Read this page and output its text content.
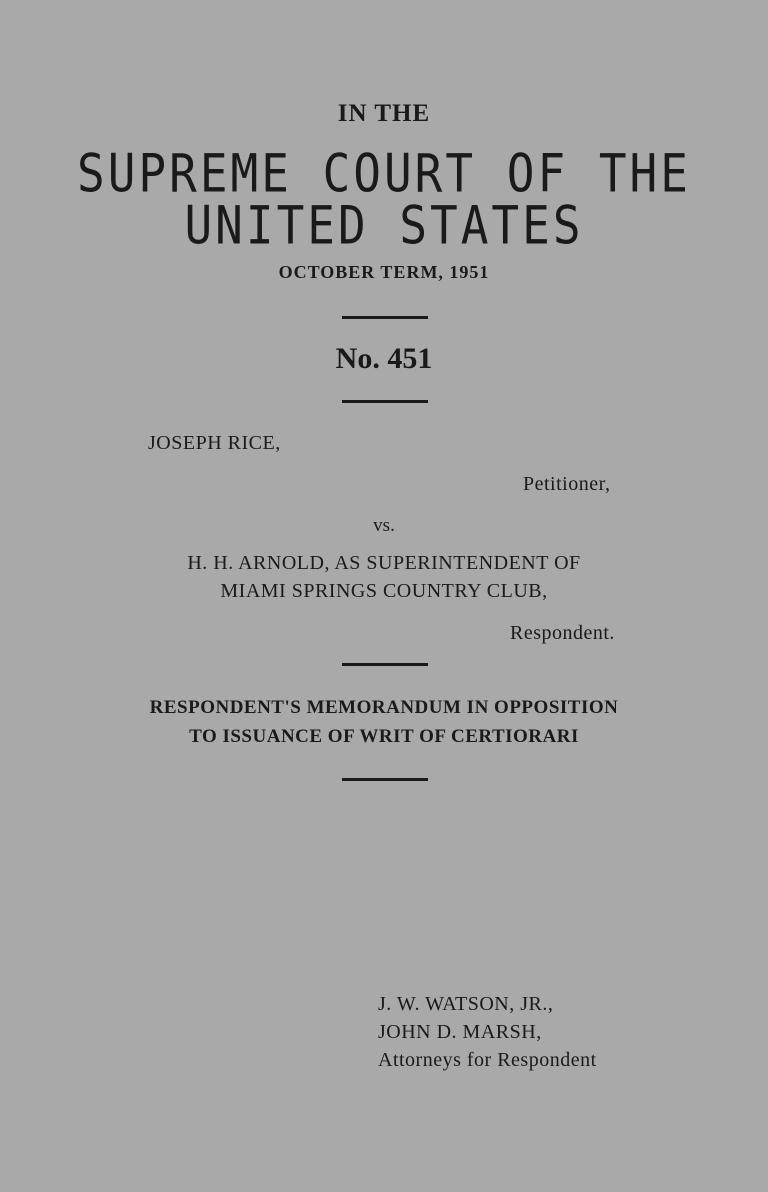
IN THE
SUPREME COURT OF THE
UNITED STATES
OCTOBER TERM, 1951
No. 451
JOSEPH RICE,
Petitioner,
vs.
H. H. ARNOLD, AS SUPERINTENDENT OF
MIAMI SPRINGS COUNTRY CLUB,
Respondent.
RESPONDENT'S MEMORANDUM IN OPPOSITION
TO ISSUANCE OF WRIT OF CERTIORARI
J. W. WATSON, JR.,
JOHN D. MARSH,
Attorneys for Respondent
